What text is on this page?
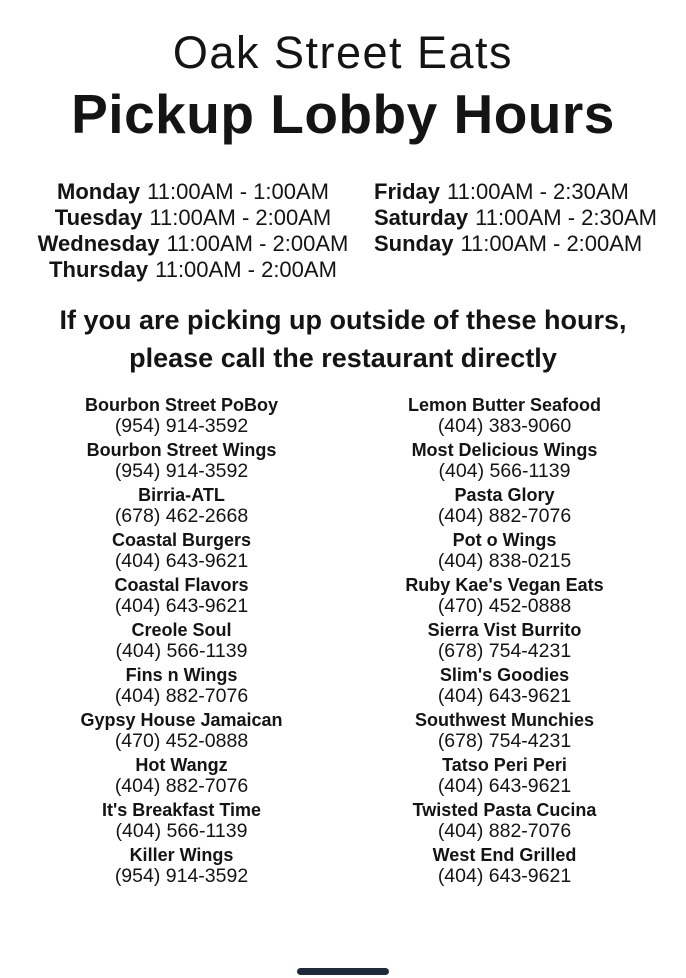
Oak Street Eats
Pickup Lobby Hours
Monday 11:00AM - 1:00AM
Tuesday 11:00AM - 2:00AM
Wednesday 11:00AM - 2:00AM
Thursday 11:00AM - 2:00AM
Friday 11:00AM - 2:30AM
Saturday 11:00AM - 2:30AM
Sunday 11:00AM - 2:00AM
If you are picking up outside of these hours,
please call the restaurant directly
Bourbon Street PoBoy
(954) 914-3592
Bourbon Street Wings
(954) 914-3592
Birria-ATL
(678) 462-2668
Coastal Burgers
(404) 643-9621
Coastal Flavors
(404) 643-9621
Creole Soul
(404) 566-1139
Fins n Wings
(404) 882-7076
Gypsy House Jamaican
(470) 452-0888
Hot Wangz
(404) 882-7076
It's Breakfast Time
(404) 566-1139
Killer Wings
(954) 914-3592
Lemon Butter Seafood
(404) 383-9060
Most Delicious Wings
(404) 566-1139
Pasta Glory
(404) 882-7076
Pot o Wings
(404) 838-0215
Ruby Kae's Vegan Eats
(470) 452-0888
Sierra Vist Burrito
(678) 754-4231
Slim's Goodies
(404) 643-9621
Southwest Munchies
(678) 754-4231
Tatso Peri Peri
(404) 643-9621
Twisted Pasta Cucina
(404) 882-7076
West End Grilled
(404) 643-9621
